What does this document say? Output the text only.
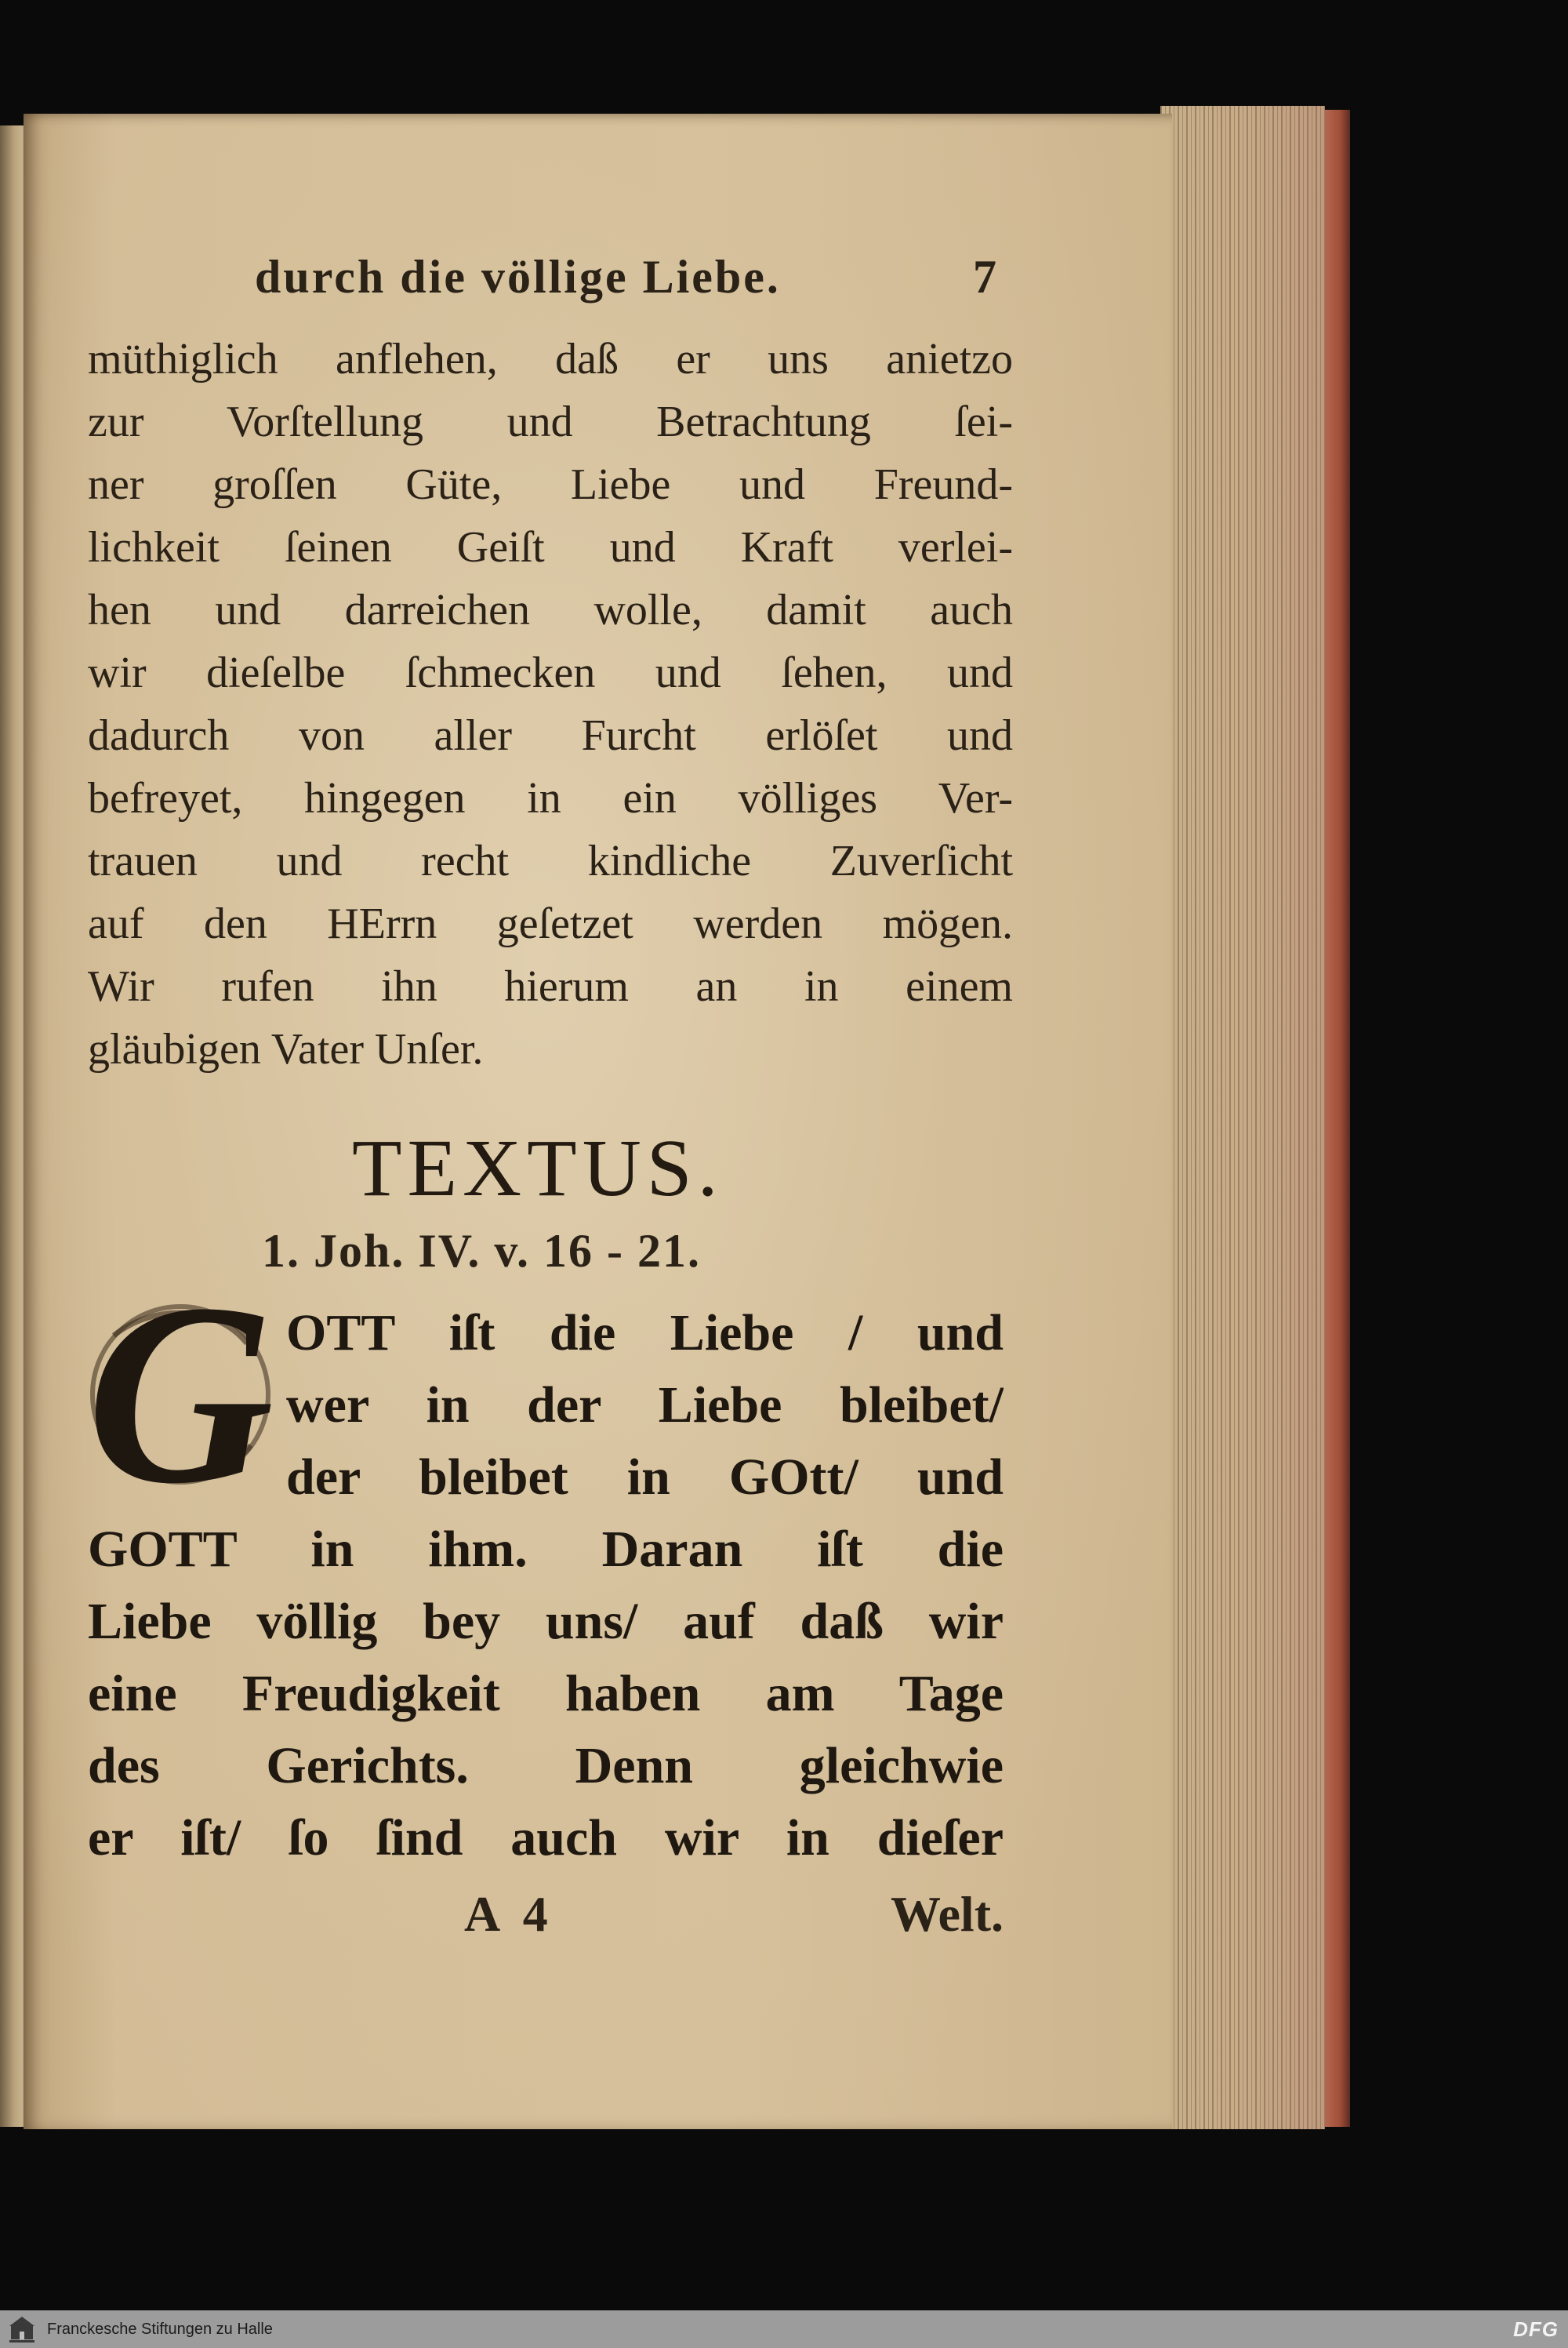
durch die völlige Liebe.	7
müthiglich anflehen, daß er uns anietzo
zur Vorſtellung und Betrachtung ſei-
ner groſſen Güte, Liebe und Freund-
lichkeit ſeinen Geiſt und Kraft verlei-
hen und darreichen wolle, damit auch
wir dieſelbe ſchmecken und ſehen, und
dadurch von aller Furcht erlöſet und
befreyet, hingegen in ein völliges Ver-
trauen und recht kindliche Zuverſicht
auf den HErrn geſetzet werden mögen.
Wir rufen ihn hierum an in einem
gläubigen Vater Unſer.
TEXTUS.
1. Joh. IV. v. 16 - 21.
G OTT iſt die Liebe / und
wer in der Liebe bleibet/
der bleibet in GOtt/ und
GOTT in ihm. Daran iſt die
Liebe völlig bey uns/ auf daß wir
eine Freudigkeit haben am Tage
des Gerichts. Denn gleichwie
er iſt/ ſo ſind auch wir in dieſer
A 4	Welt.
Franckesche Stiftungen zu Halle	DFG
